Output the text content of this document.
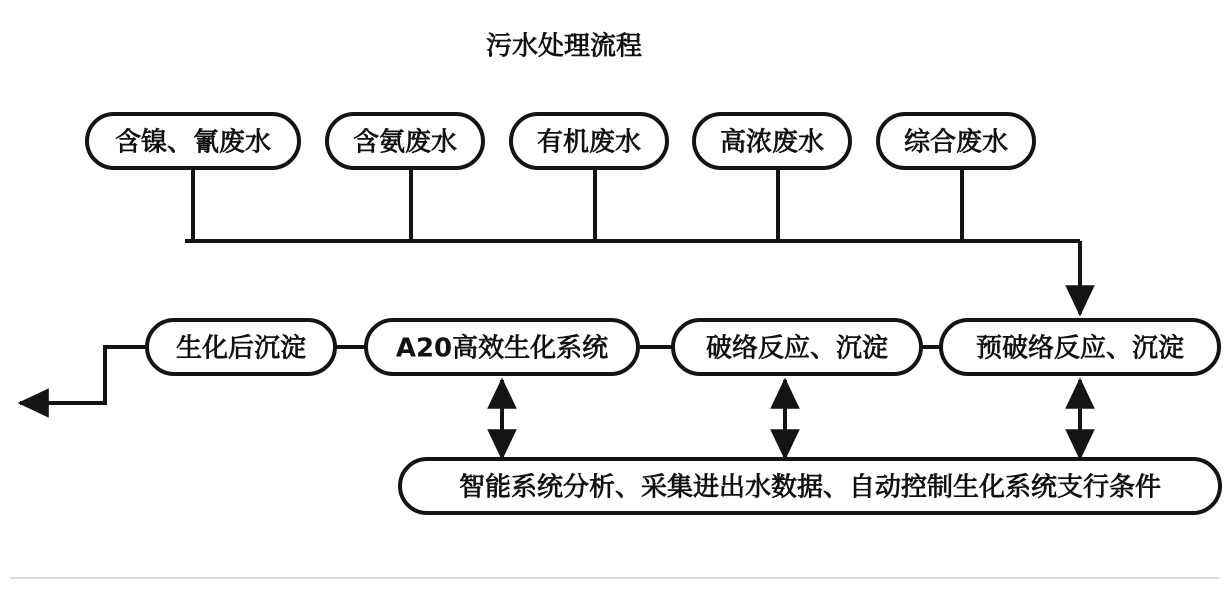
污水处理流程
含镍、氰废水	含氨废水	有机废水	高浓废水	综合废水
生化后沉淀	A20高效生化系统	破络反应、沉淀	预破络反应、沉淀
智能系统分析、采集进出水数据、自动控制生化系统支行条件
